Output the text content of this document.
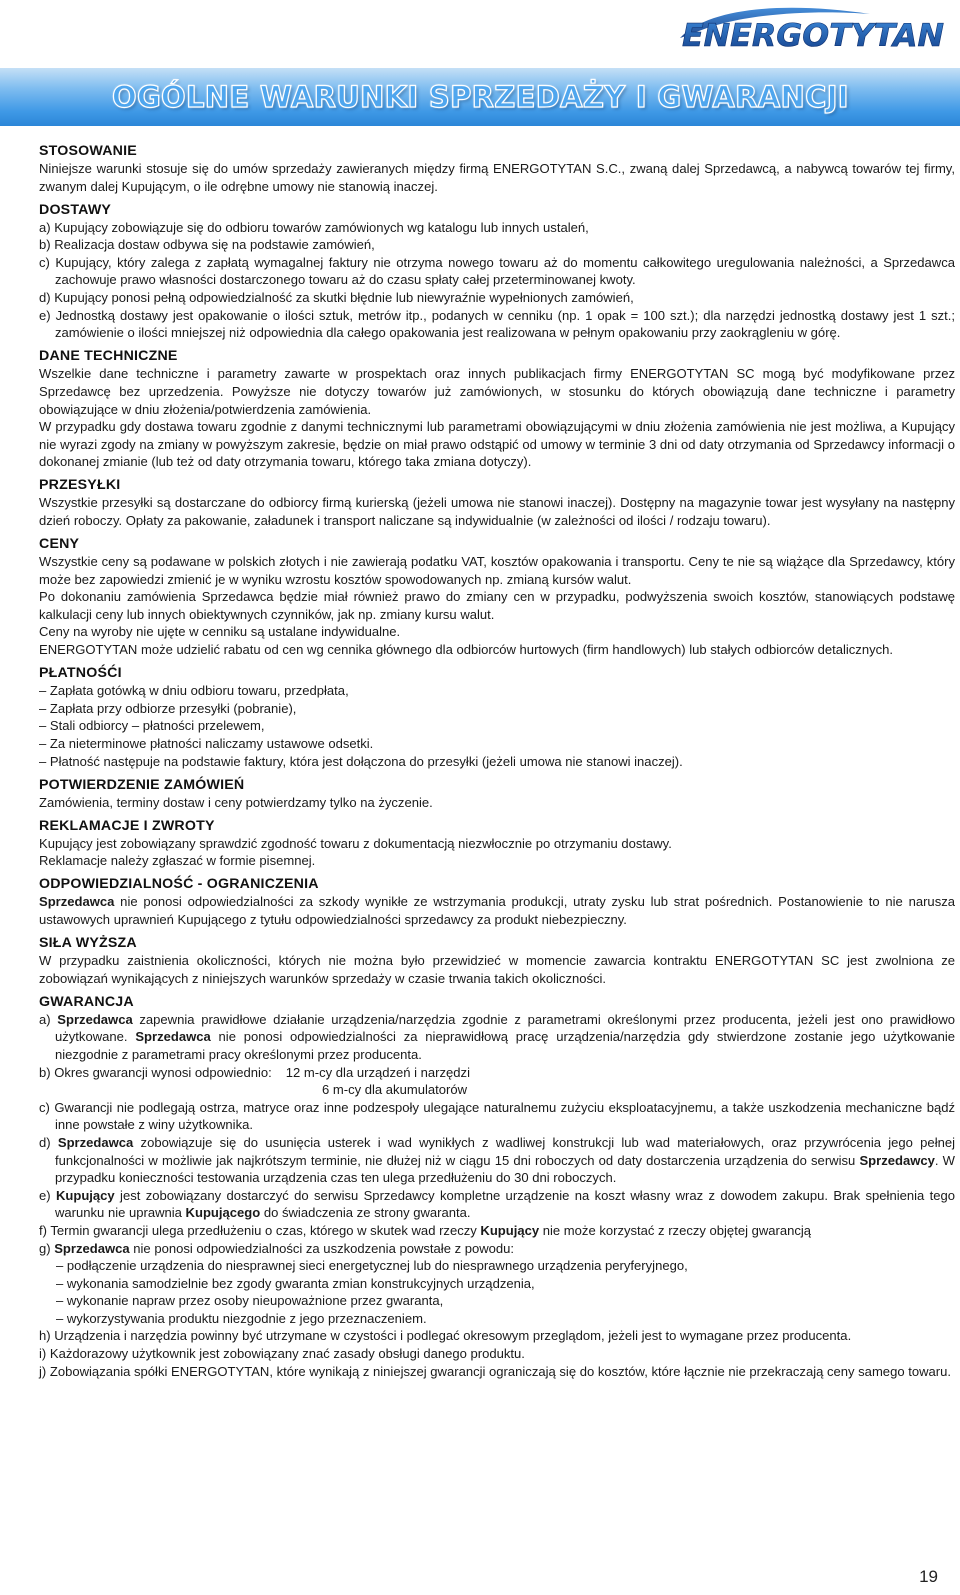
ENERGOTYTAN
OGÓLNE WARUNKI SPRZEDAŻY I GWARANCJI
STOSOWANIE

Niniejsze warunki stosuje się do umów sprzedaży zawieranych między firmą ENERGOTYTAN S.C., zwaną dalej Sprzedawcą, a nabywcą towarów tej firmy, zwanym dalej Kupującym, o ile odrębne umowy nie stanowią inaczej.

DOSTAWY

a) Kupujący zobowiązuje się do odbioru towarów zamówionych wg katalogu lub innych ustaleń,

b) Realizacja dostaw odbywa się na podstawie zamówień,

c) Kupujący, który zalega z zapłatą wymagalnej faktury nie otrzyma nowego towaru aż do momentu całkowitego uregulowania należności, a Sprzedawca zachowuje prawo własności dostarczonego towaru aż do czasu spłaty całej przeterminowanej kwoty.

d) Kupujący ponosi pełną odpowiedzialność za skutki błędnie lub niewyraźnie wypełnionych zamówień,

e) Jednostką dostawy jest opakowanie o ilości sztuk, metrów itp., podanych w cenniku (np. 1 opak = 100 szt.); dla narzędzi jednostką dostawy jest 1 szt.; zamówienie o ilości mniejszej niż odpowiednia dla całego opakowania jest realizowana w pełnym opakowaniu przy zaokrągleniu w górę.

DANE TECHNICZNE

Wszelkie dane techniczne i parametry zawarte w prospektach oraz innych publikacjach firmy ENERGOTYTAN SC mogą być modyfikowane przez Sprzedawcę bez uprzedzenia. Powyższe nie dotyczy towarów już zamówionych, w stosunku do których obowiązują dane techniczne i parametry obowiązujące w dniu złożenia/potwierdzenia zamówienia.

W przypadku gdy dostawa towaru zgodnie z danymi technicznymi lub parametrami obowiązującymi w dniu złożenia zamówienia nie jest możliwa, a Kupujący nie wyrazi zgody na zmiany w powyższym zakresie, będzie on miał prawo odstąpić od umowy w terminie 3 dni od daty otrzymania od Sprzedawcy informacji o dokonanej zmianie (lub też od daty otrzymania towaru, którego taka zmiana dotyczy).

PRZESYŁKI

Wszystkie przesyłki są dostarczane do odbiorcy firmą kurierską (jeżeli umowa nie stanowi inaczej). Dostępny na magazynie towar jest wysyłany na następny dzień roboczy. Opłaty za pakowanie, załadunek i transport naliczane są indywidualnie (w zależności od ilości / rodzaju towaru).

CENY

Wszystkie ceny są podawane w polskich złotych i nie zawierają podatku VAT, kosztów opakowania i transportu. Ceny te nie są wiążące dla Sprzedawcy, który może bez zapowiedzi zmienić je w wyniku wzrostu kosztów spowodowanych np. zmianą kursów walut.

Po dokonaniu zamówienia Sprzedawca będzie miał również prawo do zmiany cen w przypadku, podwyższenia swoich kosztów, stanowiących podstawę kalkulacji ceny lub innych obiektywnych czynników, jak np. zmiany kursu walut.

Ceny na wyroby nie ujęte w cenniku są ustalane indywidualne.

ENERGOTYTAN może udzielić rabatu od cen wg cennika głównego dla odbiorców hurtowych (firm handlowych) lub stałych odbiorców detalicznych.

PŁATNOŚĆI

– Zapłata gotówką w dniu odbioru towaru, przedpłata,

– Zapłata przy odbiorze przesyłki (pobranie),

– Stali odbiorcy – płatności przelewem,

– Za nieterminowe płatności naliczamy ustawowe odsetki.

– Płatność następuje na podstawie faktury, która jest dołączona do przesyłki (jeżeli umowa nie stanowi inaczej).

POTWIERDZENIE ZAMÓWIEŃ

Zamówienia, terminy dostaw i ceny potwierdzamy tylko na życzenie.

REKLAMACJE I ZWROTY

Kupujący jest zobowiązany sprawdzić zgodność towaru z dokumentacją niezwłocznie po otrzymaniu dostawy.

Reklamacje należy zgłaszać w formie pisemnej.

ODPOWIEDZIALNOŚĆ - OGRANICZENIA

Sprzedawca nie ponosi odpowiedzialności za szkody wynikłe ze wstrzymania produkcji, utraty zysku lub strat pośrednich. Postanowienie to nie narusza ustawowych uprawnień Kupującego z tytułu odpowiedzialności sprzedawcy za produkt niebezpieczny.

SIŁA WYŻSZA

W przypadku zaistnienia okoliczności, których nie można było przewidzieć w momencie zawarcia kontraktu ENERGOTYTAN SC jest zwolniona ze zobowiązań wynikających z niniejszych warunków sprzedaży w czasie trwania takich okoliczności.

GWARANCJA

a) Sprzedawca zapewnia prawidłowe działanie urządzenia/narzędzia zgodnie z parametrami określonymi przez producenta, jeżeli jest ono prawidłowo użytkowane. Sprzedawca nie ponosi odpowiedzialności za nieprawidłową pracę urządzenia/narzędzia gdy stwierdzone zostanie jego użytkowanie niezgodnie z parametrami pracy określonymi przez producenta.

b) Okres gwarancji wynosi odpowiednio: 12 m-cy dla urządzeń i narzędzi

6 m-cy dla akumulatorów

c) Gwarancji nie podlegają ostrza, matryce oraz inne podzespoły ulegające naturalnemu zużyciu eksploatacyjnemu, a także uszkodzenia mechaniczne bądź inne powstałe z winy użytkownika.

d) Sprzedawca zobowiązuje się do usunięcia usterek i wad wynikłych z wadliwej konstrukcji lub wad materiałowych, oraz przywrócenia jego pełnej funkcjonalności w możliwie jak najkrótszym terminie, nie dłużej niż w ciągu 15 dni roboczych od daty dostarczenia urządzenia do serwisu Sprzedawcy. W przypadku konieczności testowania urządzenia czas ten ulega przedłużeniu do 30 dni roboczych.

e) Kupujący jest zobowiązany dostarczyć do serwisu Sprzedawcy kompletne urządzenie na koszt własny wraz z dowodem zakupu. Brak spełnienia tego warunku nie uprawnia Kupującego do świadczenia ze strony gwaranta.

f) Termin gwarancji ulega przedłużeniu o czas, którego w skutek wad rzeczy Kupujący nie może korzystać z rzeczy objętej gwarancją

g) Sprzedawca nie ponosi odpowiedzialności za uszkodzenia powstałe z powodu:

– podłączenie urządzenia do niesprawnej sieci energetycznej lub do niesprawnego urządzenia peryferyjnego,

– wykonania samodzielnie bez zgody gwaranta zmian konstrukcyjnych urządzenia,

– wykonanie napraw przez osoby nieupoważnione przez gwaranta,

– wykorzystywania produktu niezgodnie z jego przeznaczeniem.

h) Urządzenia i narzędzia powinny być utrzymane w czystości i podlegać okresowym przeglądom, jeżeli jest to wymagane przez producenta.

i) Każdorazowy użytkownik jest zobowiązany znać zasady obsługi danego produktu.

j) Zobowiązania spółki ENERGOTYTAN, które wynikają z niniejszej gwarancji ograniczają się do kosztów, które łącznie nie przekraczają ceny samego towaru.

19
